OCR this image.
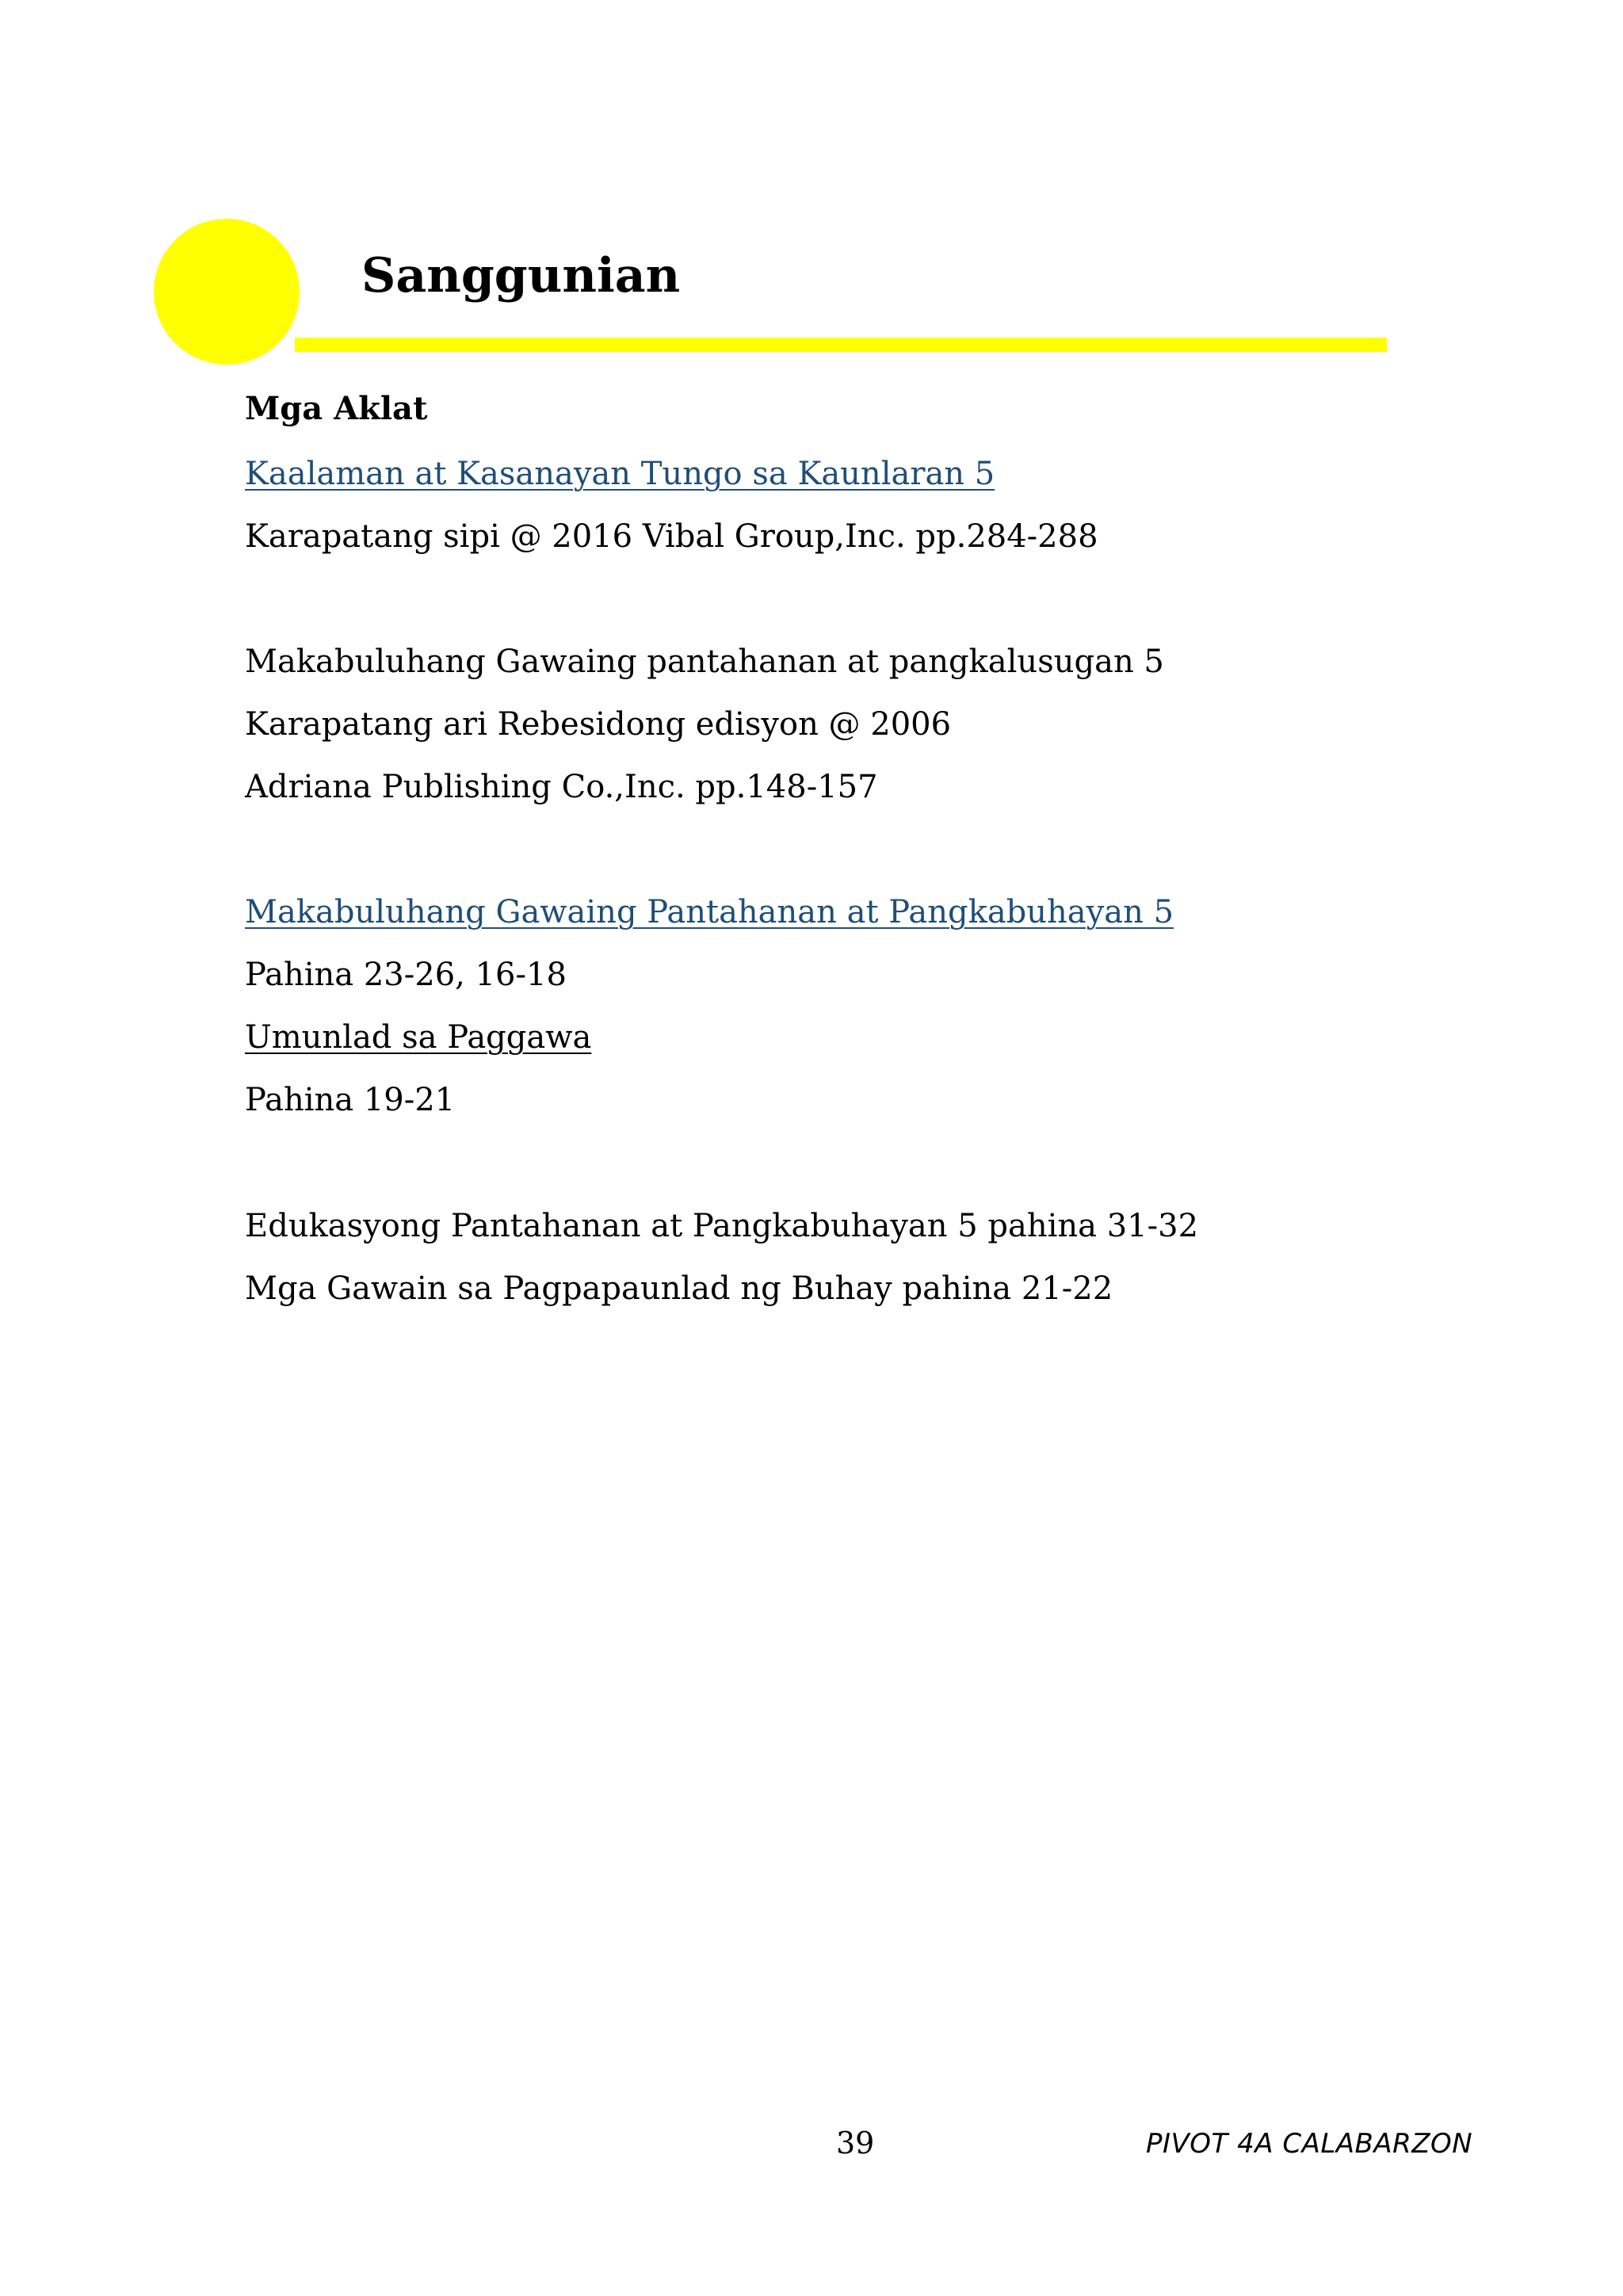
Sanggunian
Mga Aklat
Kaalaman at Kasanayan Tungo sa Kaunlaran 5
Karapatang sipi @ 2016 Vibal Group,Inc. pp.284-288
Makabuluhang Gawaing pantahanan at pangkalusugan 5
Karapatang ari Rebesidong edisyon @ 2006
Adriana Publishing Co.,Inc. pp.148-157
Makabuluhang Gawaing Pantahanan at Pangkabuhayan 5
Pahina 23-26, 16-18
Umunlad sa Paggawa
Pahina 19-21
Edukasyong Pantahanan at Pangkabuhayan 5 pahina 31-32
Mga Gawain sa Pagpapaunlad ng Buhay pahina 21-22
39	PIVOT 4A CALABARZON
